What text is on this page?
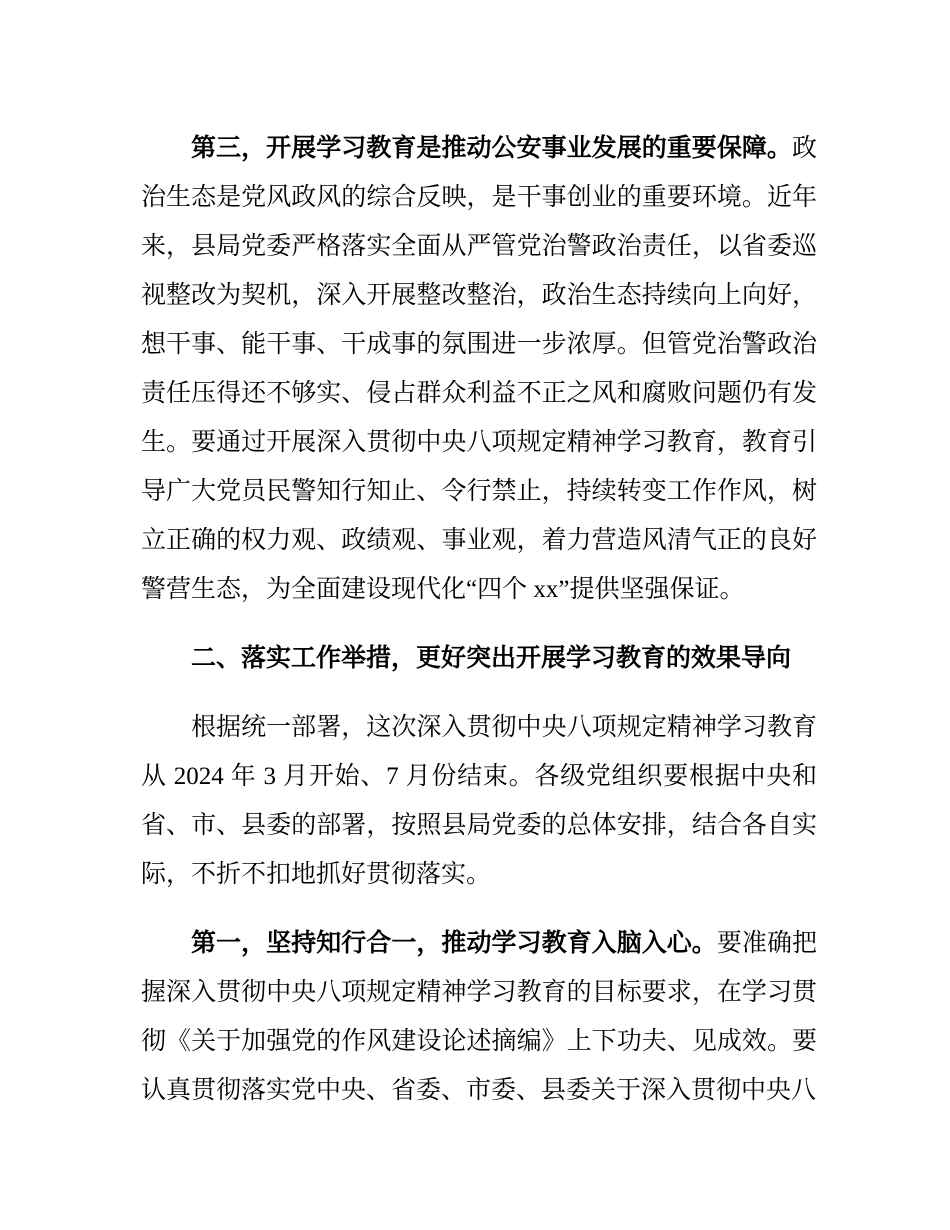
第三，开展学习教育是推动公安事业发展的重要保障。政治生态是党风政风的综合反映，是干事创业的重要环境。近年来，县局党委严格落实全面从严管党治警政治责任，以省委巡视整改为契机，深入开展整改整治，政治生态持续向上向好，想干事、能干事、干成事的氛围进一步浓厚。但管党治警政治责任压得还不够实、侵占群众利益不正之风和腐败问题仍有发生。要通过开展深入贯彻中央八项规定精神学习教育，教育引导广大党员民警知行知止、令行禁止，持续转变工作作风，树立正确的权力观、政绩观、事业观，着力营造风清气正的良好警营生态，为全面建设现代化“四个 xx”提供坚强保证。

二、落实工作举措，更好突出开展学习教育的效果导向

根据统一部署，这次深入贯彻中央八项规定精神学习教育从 2024 年 3 月开始、7 月份结束。各级党组织要根据中央和省、市、县委的部署，按照县局党委的总体安排，结合各自实际，不折不扣地抓好贯彻落实。

第一，坚持知行合一，推动学习教育入脑入心。要准确把握深入贯彻中央八项规定精神学习教育的目标要求，在学习贯彻《关于加强党的作风建设论述摘编》上下功夫、见成效。要认真贯彻落实党中央、省委、市委、县委关于深入贯彻中央八
